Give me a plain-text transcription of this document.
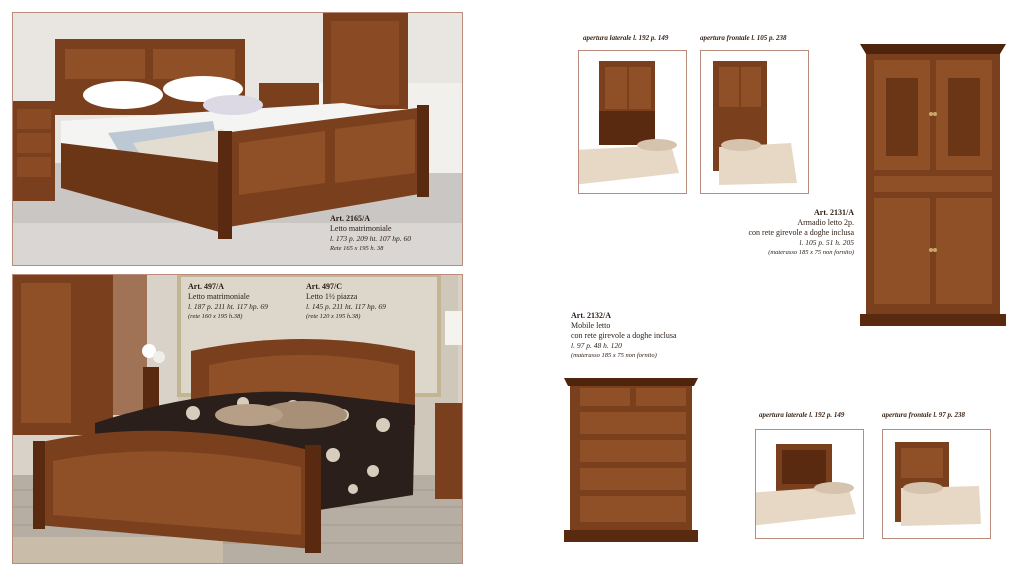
Art. 2165/A
Letto matrimoniale
l. 173 p. 209 ht. 107 hp. 60
Rete 165 x 195 h. 38
Art. 497/A
Letto matrimoniale
l. 187 p. 211 ht. 117 hp. 69
(rete 160 x 195 h.38)
Art. 497/C
Letto 1½ piazza
l. 145 p. 211 ht. 117 hp. 69
(rete 120 x 195 h.38)
apertura laterale l. 192 p. 149	apertura frontale l. 105 p. 238
Art. 2131/A
Armadio letto 2p.
con rete girevole a doghe inclusa
l. 105 p. 51 h. 205
(materasso 185 x 75 non fornito)
Art. 2132/A
Mobile letto
con rete girevole a doghe inclusa
l. 97 p. 48 h. 120
(materasso 185 x 75 non fornito)
apertura laterale l. 192 p. 149	apertura frontale l. 97 p. 238
